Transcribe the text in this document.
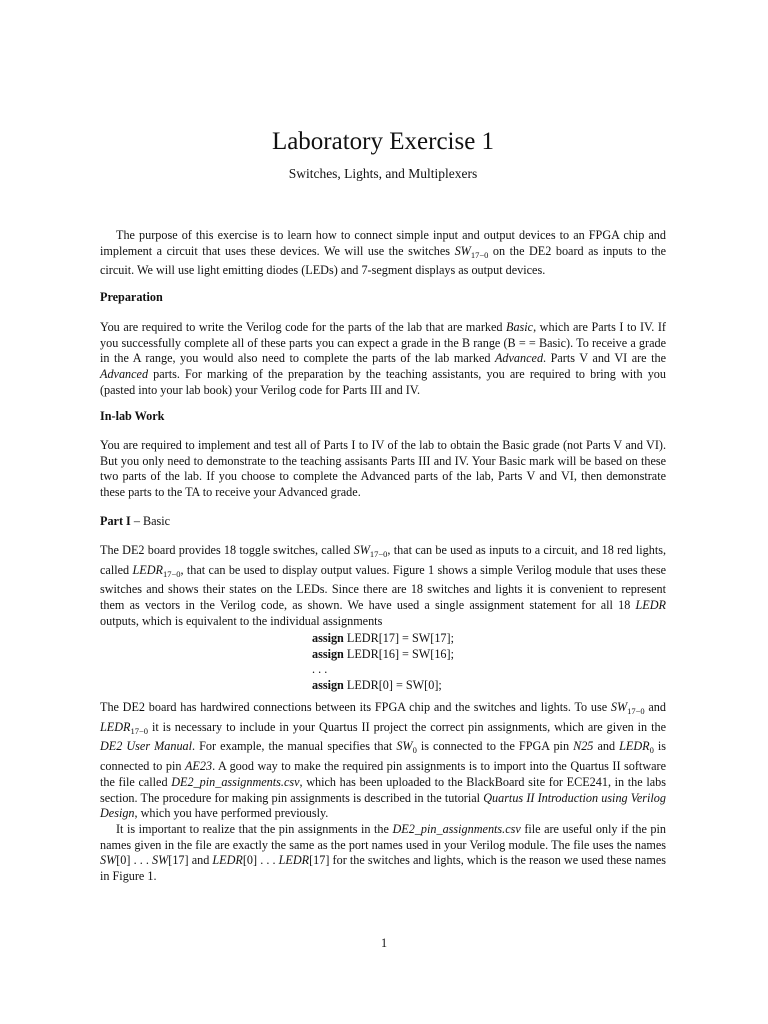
Laboratory Exercise 1
Switches, Lights, and Multiplexers

The purpose of this exercise is to learn how to connect simple input and output devices to an FPGA chip and implement a circuit that uses these devices. We will use the switches $SW_{17-0}$ on the DE2 board as inputs to the circuit. We will use light emitting diodes (LEDs) and 7-segment displays as output devices.

Preparation

You are required to write the Verilog code for the parts of the lab that are marked Basic, which are Parts I to IV. If you successfully complete all of these parts you can expect a grade in the B range (B = = Basic). To receive a grade in the A range, you would also need to complete the parts of the lab marked Advanced. Parts V and VI are the Advanced parts. For marking of the preparation by the teaching assistants, you are required to bring with you (pasted into your lab book) your Verilog code for Parts III and IV.

In-lab Work

You are required to implement and test all of Parts I to IV of the lab to obtain the Basic grade (not Parts V and VI). But you only need to demonstrate to the teaching assisants Parts III and IV. Your Basic mark will be based on these two parts of the lab. If you choose to complete the Advanced parts of the lab, Parts V and VI, then demonstrate these parts to the TA to receive your Advanced grade.

Part I – Basic

The DE2 board provides 18 toggle switches, called $SW_{17-0}$, that can be used as inputs to a circuit, and 18 red lights, called $LEDR_{17-0}$, that can be used to display output values. Figure 1 shows a simple Verilog module that uses these switches and shows their states on the LEDs. Since there are 18 switches and lights it is convenient to represent them as vectors in the Verilog code, as shown. We have used a single assignment statement for all 18 LEDR outputs, which is equivalent to the individual assignments

assign LEDR[17] = SW[17];
assign LEDR[16] = SW[16];
. . .
assign LEDR[0] = SW[0];

The DE2 board has hardwired connections between its FPGA chip and the switches and lights. To use $SW_{17-0}$ and $LEDR_{17-0}$ it is necessary to include in your Quartus II project the correct pin assignments, which are given in the DE2 User Manual. For example, the manual specifies that $SW_0$ is connected to the FPGA pin N25 and $LEDR_0$ is connected to pin AE23. A good way to make the required pin assignments is to import into the Quartus II software the file called DE2_pin_assignments.csv, which has been uploaded to the BlackBoard site for ECE241, in the labs section. The procedure for making pin assignments is described in the tutorial Quartus II Introduction using Verilog Design, which you have performed previously.

It is important to realize that the pin assignments in the DE2_pin_assignments.csv file are useful only if the pin names given in the file are exactly the same as the port names used in your Verilog module. The file uses the names SW[0] . . . SW[17] and LEDR[0] . . . LEDR[17] for the switches and lights, which is the reason we used these names in Figure 1.

1
